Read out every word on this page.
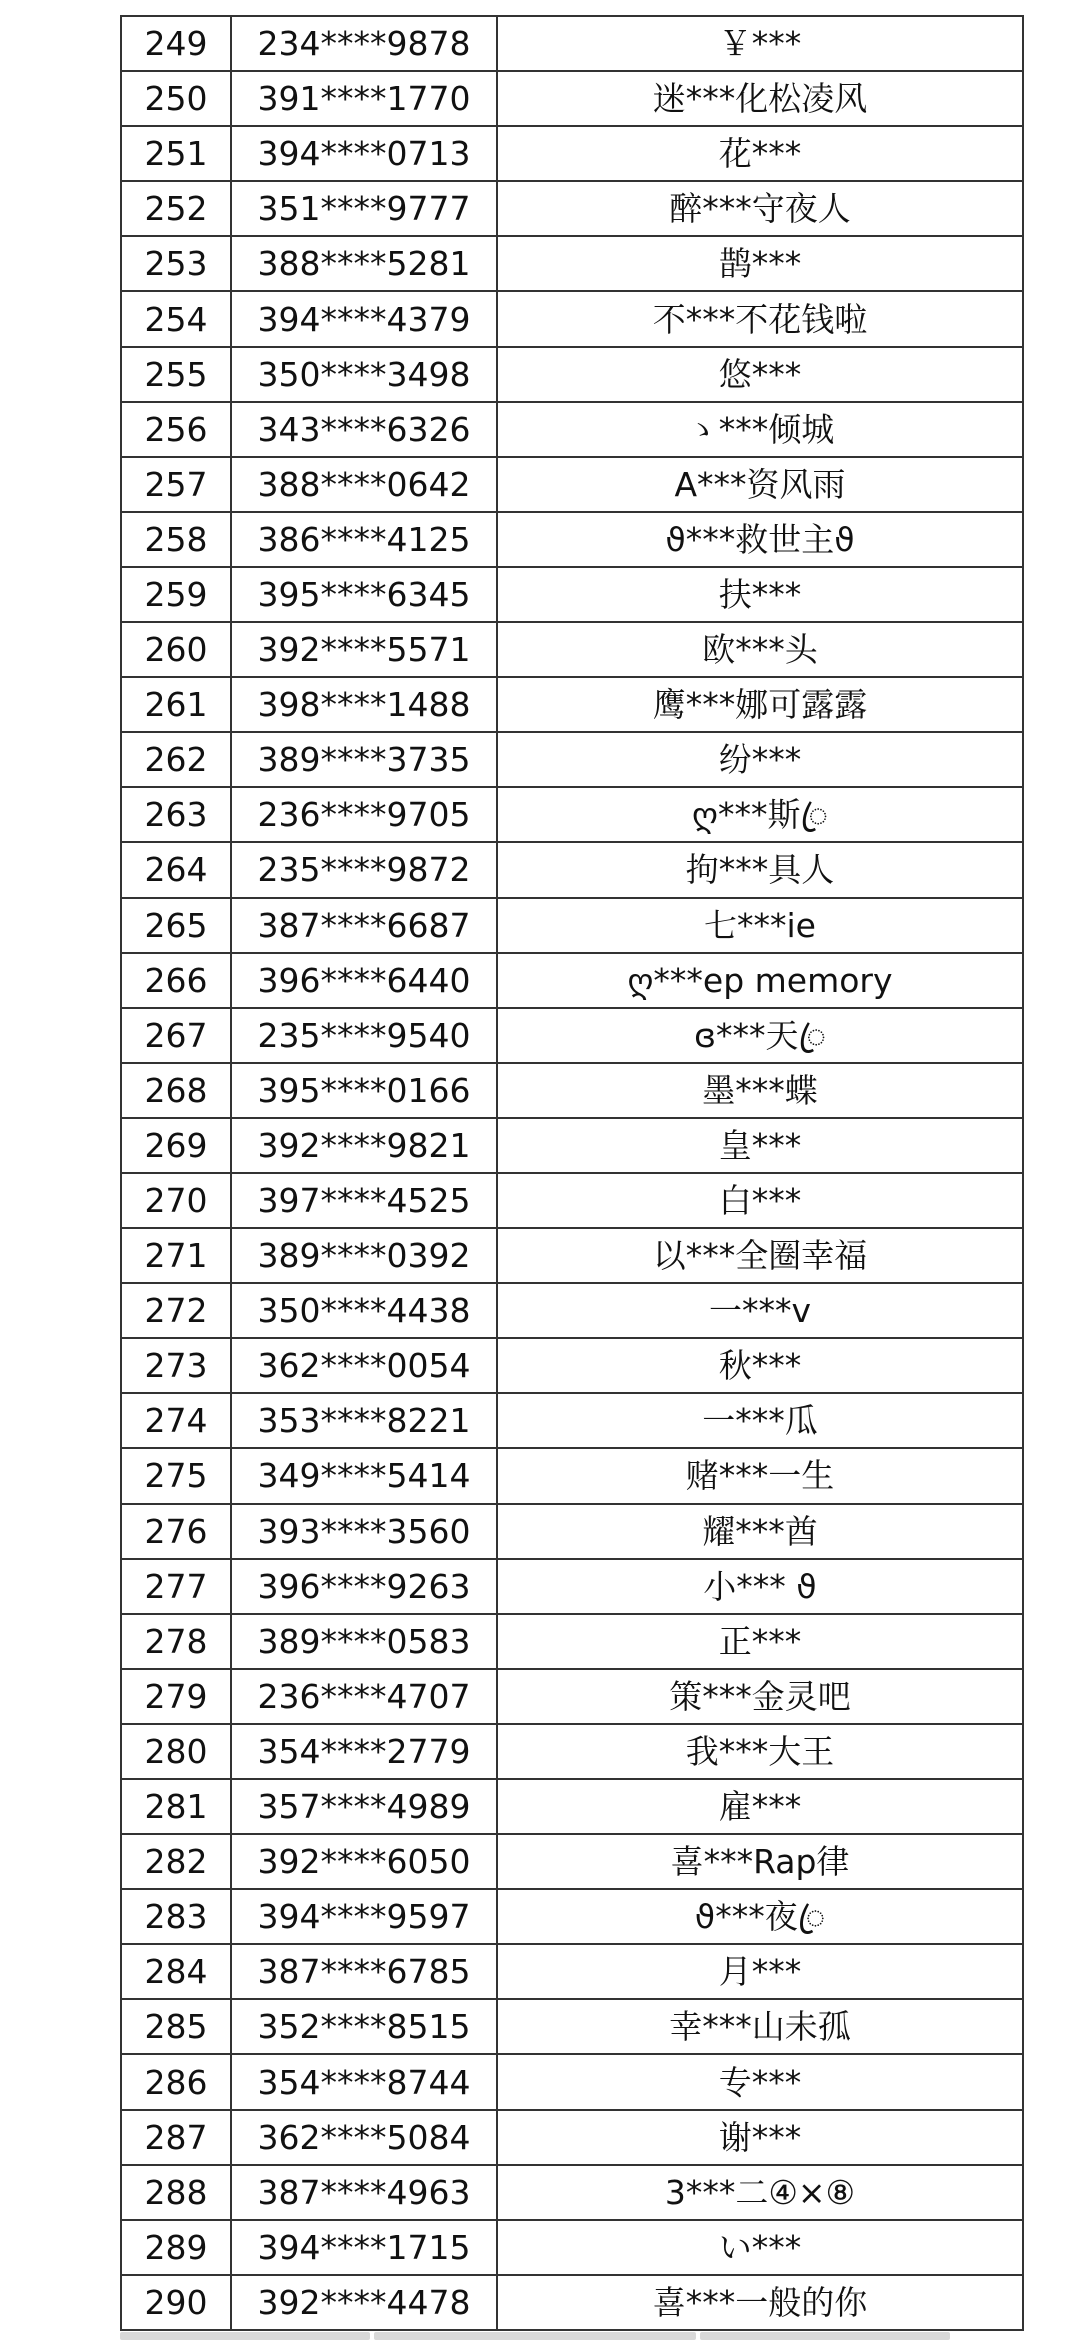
249	234****9878	￥***
250	391****1770	迷***化松凌风
251	394****0713	花***
252	351****9777	醉***守夜人
253	388****5281	鹊***
254	394****4379	不***不花钱啦
255	350****3498	悠***
256	343****6326	ゝ***倾城
257	388****0642	A***资风雨
258	386****4125	ϑ***救世主ϑ
259	395****6345	扶***
260	392****5571	欧***头
261	398****1488	鹰***娜可露露
262	389****3735	纷***
263	236****9705	ღ***斯ꦿ
264	235****9872	拘***具人
265	387****6687	七***ie
266	396****6440	ღ***ep memory
267	235****9540	ɞ***天ꦿ
268	395****0166	墨***蝶
269	392****9821	皇***
270	397****4525	白***
271	389****0392	以***全圈幸福
272	350****4438	一***v
273	362****0054	秋***
274	353****8221	一***瓜
275	349****5414	赌***一生
276	393****3560	耀***酋
277	396****9263	小*** ϑ
278	389****0583	正***
279	236****4707	策***金灵吧
280	354****2779	我***大王
281	357****4989	雇***
282	392****6050	喜***Rap律
283	394****9597	ϑ***夜ꦿ
284	387****6785	月***
285	352****8515	幸***山未孤
286	354****8744	专***
287	362****5084	谢***
288	387****4963	3***二④×⑧
289	394****1715	い***
290	392****4478	喜***一般的你
